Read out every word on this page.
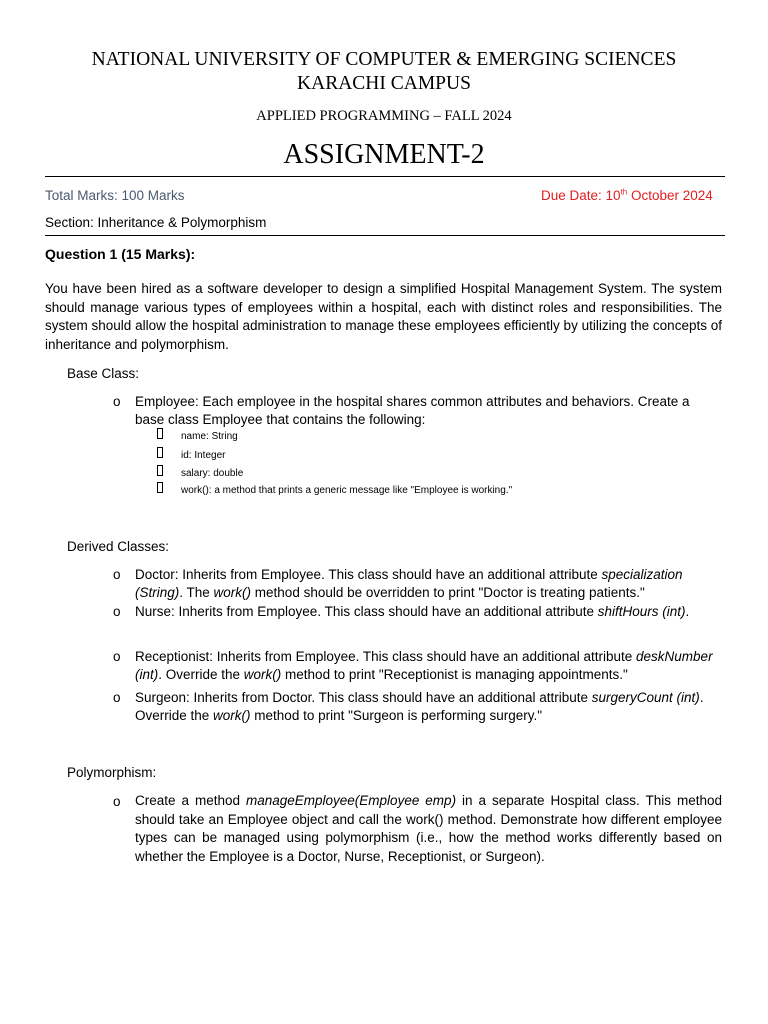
NATIONAL UNIVERSITY OF COMPUTER & EMERGING SCIENCES
KARACHI CAMPUS
APPLIED PROGRAMMING – FALL 2024
ASSIGNMENT-2
Total Marks: 100 Marks	Due Date: 10th October 2024
Section: Inheritance & Polymorphism
Question 1 (15 Marks):
You have been hired as a software developer to design a simplified Hospital Management System. The system should manage various types of employees within a hospital, each with distinct roles and responsibilities. The system should allow the hospital administration to manage these employees efficiently by utilizing the concepts of inheritance and polymorphism.
Base Class:
o Employee: Each employee in the hospital shares common attributes and behaviors. Create a base class Employee that contains the following:
name: String
id: Integer
salary: double
work(): a method that prints a generic message like "Employee is working."
Derived Classes:
o Doctor: Inherits from Employee. This class should have an additional attribute specialization (String). The work() method should be overridden to print "Doctor is treating patients."
o Nurse: Inherits from Employee. This class should have an additional attribute shiftHours (int).
o Receptionist: Inherits from Employee. This class should have an additional attribute deskNumber (int). Override the work() method to print "Receptionist is managing appointments."
o Surgeon: Inherits from Doctor. This class should have an additional attribute surgeryCount (int). Override the work() method to print "Surgeon is performing surgery."
Polymorphism:
o Create a method manageEmployee(Employee emp) in a separate Hospital class. This method should take an Employee object and call the work() method. Demonstrate how different employee types can be managed using polymorphism (i.e., how the method works differently based on whether the Employee is a Doctor, Nurse, Receptionist, or Surgeon).
